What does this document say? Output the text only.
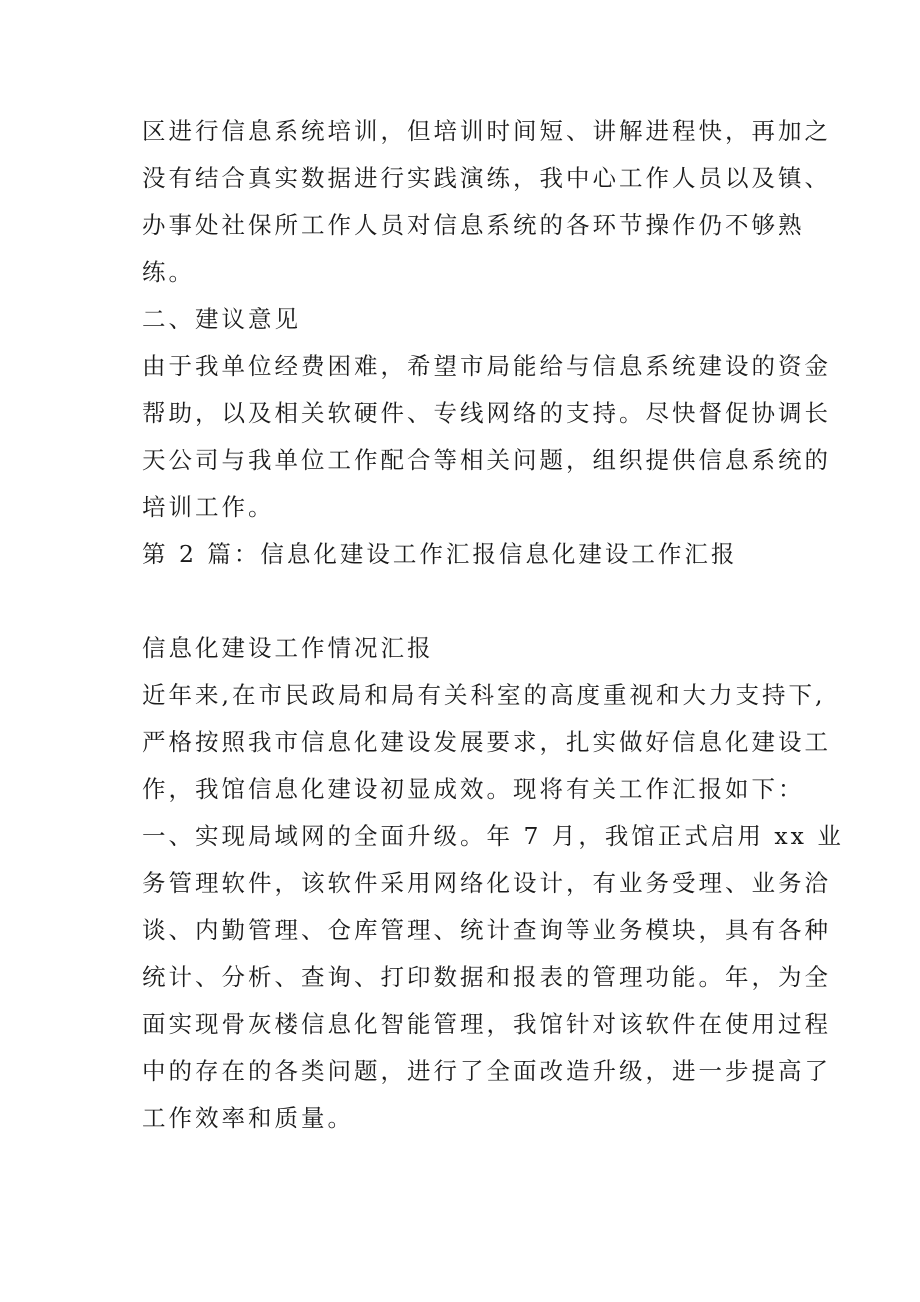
区进行信息系统培训，但培训时间短、讲解进程快，再加之
没有结合真实数据进行实践演练，我中心工作人员以及镇、
办事处社保所工作人员对信息系统的各环节操作仍不够熟
练。
二、建议意见
由于我单位经费困难，希望市局能给与信息系统建设的资金
帮助，以及相关软硬件、专线网络的支持。尽快督促协调长
天公司与我单位工作配合等相关问题，组织提供信息系统的
培训工作。
第 2 篇：信息化建设工作汇报信息化建设工作汇报
信息化建设工作情况汇报
近年来,在市民政局和局有关科室的高度重视和大力支持下,
严格按照我市信息化建设发展要求，扎实做好信息化建设工
作，我馆信息化建设初显成效。现将有关工作汇报如下：
一、实现局域网的全面升级。年 7 月，我馆正式启用 xx 业
务管理软件，该软件采用网络化设计，有业务受理、业务洽
谈、内勤管理、仓库管理、统计查询等业务模块，具有各种
统计、分析、查询、打印数据和报表的管理功能。年，为全
面实现骨灰楼信息化智能管理，我馆针对该软件在使用过程
中的存在的各类问题，进行了全面改造升级，进一步提高了
工作效率和质量。
